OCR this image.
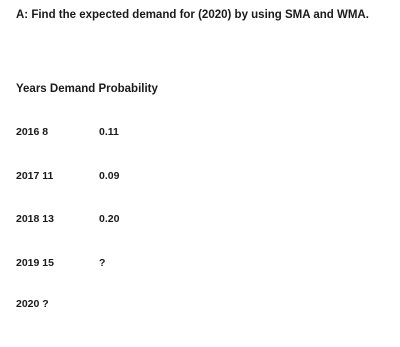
A: Find the expected demand for (2020) by using SMA and WMA.
Years Demand Probability
2016 8	0.11
2017 11	0.09
2018 13	0.20
2019 15	?
2020 ?
